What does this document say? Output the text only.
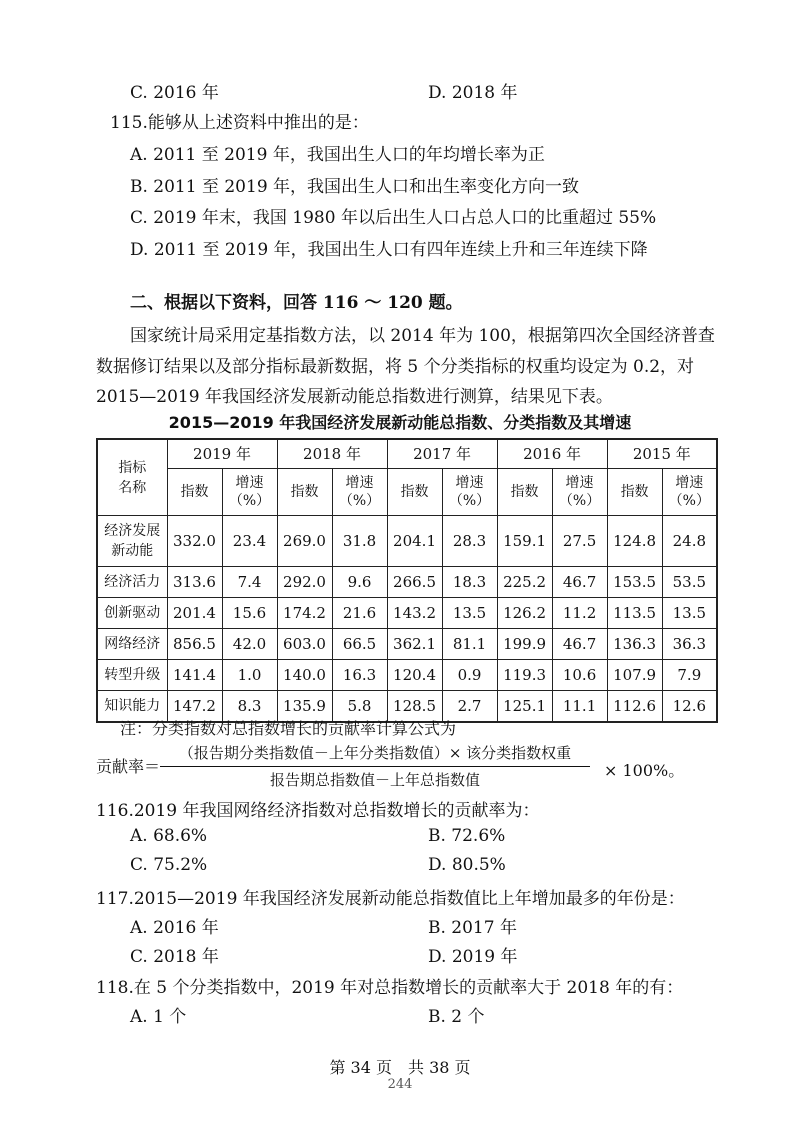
C. 2016 年	D. 2018 年
115.能够从上述资料中推出的是：
A. 2011 至 2019 年，我国出生人口的年均增长率为正
B. 2011 至 2019 年，我国出生人口和出生率变化方向一致
C. 2019 年末，我国 1980 年以后出生人口占总人口的比重超过 55%
D. 2011 至 2019 年，我国出生人口有四年连续上升和三年连续下降
二、根据以下资料，回答 116 ～ 120 题。
国家统计局采用定基指数方法，以 2014 年为 100，根据第四次全国经济普查
数据修订结果以及部分指标最新数据，将 5 个分类指标的权重均设定为 0.2，对
2015—2019 年我国经济发展新动能总指数进行测算，结果见下表。
2015—2019 年我国经济发展新动能总指数、分类指数及其增速
指标名称	2019 年		2018 年		2017 年		2016 年		2015 年	
	指数	增速（%）	指数	增速（%）	指数	增速（%）	指数	增速（%）	指数	增速（%）

经济发展新动能	332.0	23.4	269.0	31.8	204.1	28.3	159.1	27.5	124.8	24.8

经济活力	313.6	7.4	292.0	9.6	266.5	18.3	225.2	46.7	153.5	53.5

创新驱动	201.4	15.6	174.2	21.6	143.2	13.5	126.2	11.2	113.5	13.5

网络经济	856.5	42.0	603.0	66.5	362.1	81.1	199.9	46.7	136.3	36.3

转型升级	141.4	1.0	140.0	16.3	120.4	0.9	119.3	10.6	107.9	7.9

知识能力	147.2	8.3	135.9	5.8	128.5	2.7	125.1	11.1	112.6	12.6
注：分类指数对总指数增长的贡献率计算公式为
贡献率＝
（报告期分类指数值－上年分类指数值）× 该分类指数权重
报告期总指数值－上年总指数值	× 100%。
116.2019 年我国网络经济指数对总指数增长的贡献率为：
A. 68.6%	B. 72.6%
C. 75.2%	D. 80.5%
117.2015—2019 年我国经济发展新动能总指数值比上年增加最多的年份是：
A. 2016 年	B. 2017 年
C. 2018 年	D. 2019 年
118.在 5 个分类指数中，2019 年对总指数增长的贡献率大于 2018 年的有：
A. 1 个	B. 2 个
第 34 页　共 38 页
244
